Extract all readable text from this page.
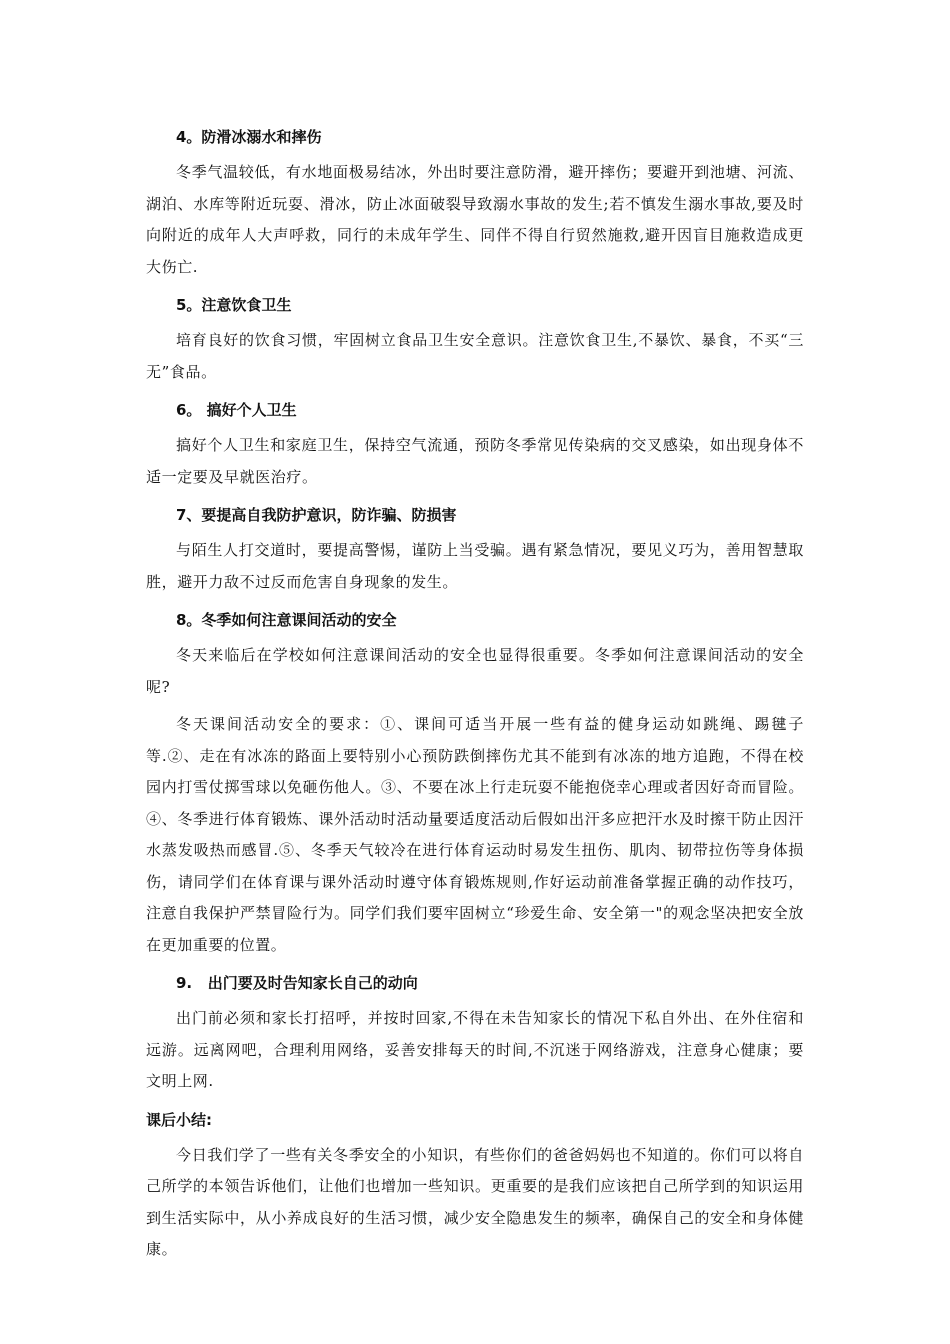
4。防滑冰溺水和摔伤

冬季气温较低，有水地面极易结冰，外出时要注意防滑，避开摔伤；要避开到池塘、河流、湖泊、水库等附近玩耍、滑冰，防止冰面破裂导致溺水事故的发生;若不慎发生溺水事故,要及时向附近的成年人大声呼救，同行的未成年学生、同伴不得自行贸然施救,避开因盲目施救造成更大伤亡.

5。注意饮食卫生

培育良好的饮食习惯，牢固树立食品卫生安全意识。注意饮食卫生,不暴饮、暴食，不买“三无”食品。

6。 搞好个人卫生

搞好个人卫生和家庭卫生，保持空气流通，预防冬季常见传染病的交叉感染，如出现身体不适一定要及早就医治疗。

7、要提高自我防护意识，防诈骗、防损害

与陌生人打交道时，要提高警惕，谨防上当受骗。遇有紧急情况，要见义巧为，善用智慧取胜，避开力敌不过反而危害自身现象的发生。

8。冬季如何注意课间活动的安全

冬天来临后在学校如何注意课间活动的安全也显得很重要。冬季如何注意课间活动的安全呢?

冬天课间活动安全的要求：①、课间可适当开展一些有益的健身运动如跳绳、踢毽子等.②、走在有冰冻的路面上要特别小心预防跌倒摔伤尤其不能到有冰冻的地方追跑，不得在校园内打雪仗掷雪球以免砸伤他人。③、不要在冰上行走玩耍不能抱侥幸心理或者因好奇而冒险。 ④、冬季进行体育锻炼、课外活动时活动量要适度活动后假如出汗多应把汗水及时擦干防止因汗水蒸发吸热而感冒.⑤、冬季天气较冷在进行体育运动时易发生扭伤、肌肉、韧带拉伤等身体损伤，请同学们在体育课与课外活动时遵守体育锻炼规则,作好运动前准备掌握正确的动作技巧，注意自我保护严禁冒险行为。同学们我们要牢固树立“珍爱生命、安全第一"的观念坚决把安全放在更加重要的位置。

9.   出门要及时告知家长自己的动向

出门前必须和家长打招呼，并按时回家,不得在未告知家长的情况下私自外出、在外住宿和远游。远离网吧，合理利用网络，妥善安排每天的时间,不沉迷于网络游戏，注意身心健康；要文明上网.

课后小结:

今日我们学了一些有关冬季安全的小知识，有些你们的爸爸妈妈也不知道的。你们可以将自己所学的本领告诉他们，让他们也增加一些知识。更重要的是我们应该把自己所学到的知识运用到生活实际中，从小养成良好的生活习惯，减少安全隐患发生的频率，确保自己的安全和身体健康。
